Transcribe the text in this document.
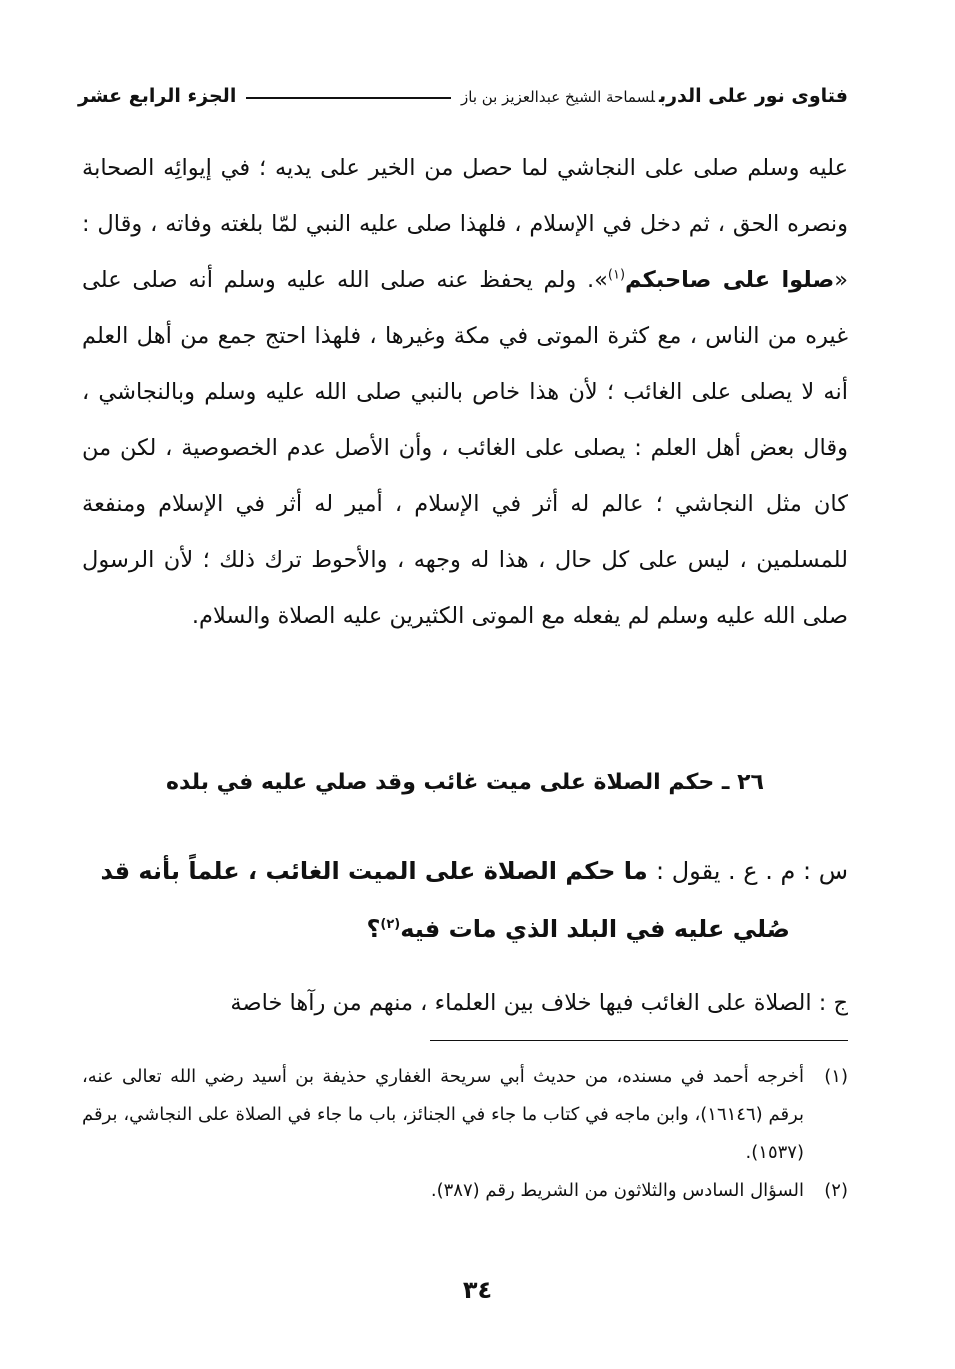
فتاوى نور على الدربلسماحة الشيخ عبدالعزيز بن باز
الجزء الرابع عشر

عليه وسلم صلى على النجاشي لما حصل من الخير على يديه ؛ في إيوائِه الصحابة ونصره الحق ، ثم دخل في الإسلام ، فلهذا صلى عليه النبي لمّا بلغته وفاته ، وقال : «صلوا على صاحبكم$^{(١)}$». ولم يحفظ عنه صلى الله عليه وسلم أنه صلى على غيره من الناس ، مع كثرة الموتى في مكة وغيرها ، فلهذا احتج جمع من أهل العلم أنه لا يصلى على الغائب ؛ لأن هذا خاص بالنبي صلى الله عليه وسلم وبالنجاشي ، وقال بعض أهل العلم : يصلى على الغائب ، وأن الأصل عدم الخصوصية ، لكن من كان مثل النجاشي ؛ عالم له أثر في الإسلام ، أمير له أثر في الإسلام ومنفعة للمسلمين ، ليس على كل حال ، هذا له وجهه ، والأحوط ترك ذلك ؛ لأن الرسول صلى الله عليه وسلم لم يفعله مع الموتى الكثيرين عليه الصلاة والسلام.

٢٦ ـ حكم الصلاة على ميت غائب وقد صلي عليه في بلده

س : م . ع . يقول : ما حكم الصلاة على الميت الغائب ، علماً بأنه قد
صُلي عليه في البلد الذي مات فيه$^{(٢)}$؟

ج : الصلاة على الغائب فيها خلاف بين العلماء ، منهم من رآها خاصة

(١)
أخرجه أحمد في مسنده، من حديث أبي سريحة الغفاري حذيفة بن أسيد رضي الله تعالى عنه، برقم (١٦١٤٦)، وابن ماجه في كتاب ما جاء في الجنائز، باب ما جاء في الصلاة على النجاشي، برقم (١٥٣٧).
(٢)
السؤال السادس والثلاثون من الشريط رقم (٣٨٧).
٣٤
